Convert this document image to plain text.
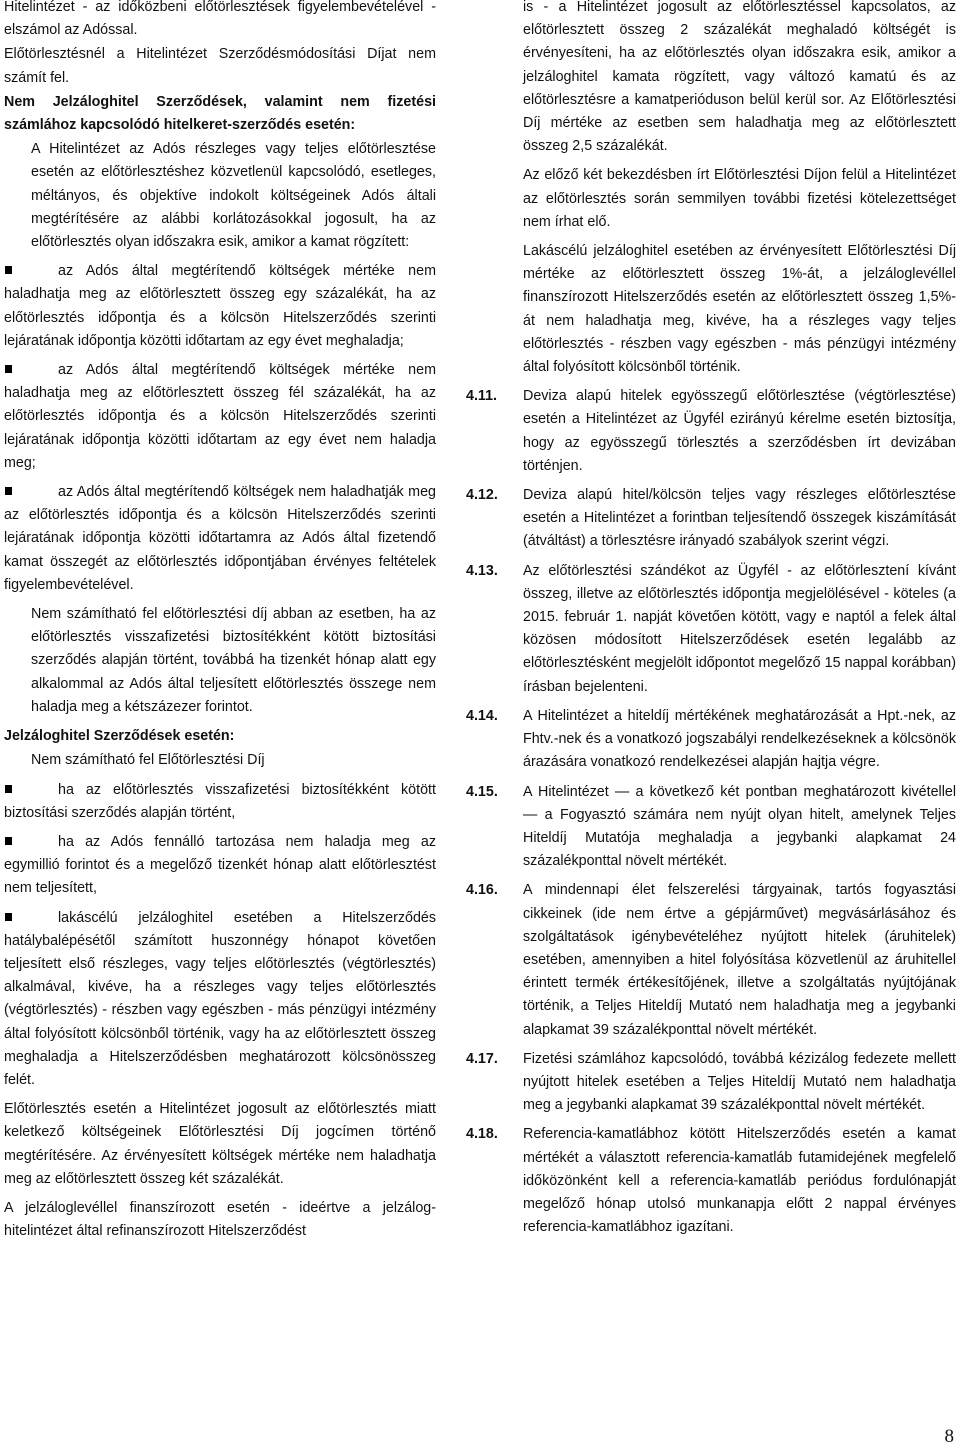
Hitelintézet - az időközbeni előtörlesztések figyelembevételével - elszámol az Adóssal.

Előtörlesztésnél a Hitelintézet Szerződésmódosítási Díjat nem számít fel.

Nem Jelzáloghitel Szerződések, valamint nem fizetési számlához kapcsolódó hitelkeret-szerződés esetén:

A Hitelintézet az Adós részleges vagy teljes előtörlesztése esetén az előtörlesztéshez közvetlenül kapcsolódó, esetleges, méltányos, és objektíve indokolt költségeinek Adós általi megtérítésére az alábbi korlátozásokkal jogosult, ha az előtörlesztés olyan időszakra esik, amikor a kamat rögzített:

az Adós által megtérítendő költségek mértéke nem haladhatja meg az előtörlesztett összeg egy százalékát, ha az előtörlesztés időpontja és a kölcsön Hitelszerződés szerinti lejáratának időpontja közötti időtartam az egy évet meghaladja;

az Adós által megtérítendő költségek mértéke nem haladhatja meg az előtörlesztett összeg fél százalékát, ha az előtörlesztés időpontja és a kölcsön Hitelszerződés szerinti lejáratának időpontja közötti időtartam az egy évet nem haladja meg;

az Adós által megtérítendő költségek nem haladhatják meg az előtörlesztés időpontja és a kölcsön Hitelszerződés szerinti lejáratának időpontja közötti időtartamra az Adós által fizetendő kamat összegét az előtörlesztés időpontjában érvényes feltételek figyelembevételével.

Nem számítható fel előtörlesztési díj abban az esetben, ha az előtörlesztés visszafizetési biztosítékként kötött biztosítási szerződés alapján történt, továbbá ha tizenkét hónap alatt egy alkalommal az Adós által teljesített előtörlesztés összege nem haladja meg a kétszázezer forintot.

Jelzáloghitel Szerződések esetén:

Nem számítható fel Előtörlesztési Díj

ha az előtörlesztés visszafizetési biztosítékként kötött biztosítási szerződés alapján történt,

ha az Adós fennálló tartozása nem haladja meg az egymillió forintot és a megelőző tizenkét hónap alatt előtörlesztést nem teljesített,

lakáscélú jelzáloghitel esetében a Hitelszerződés hatálybalépésétől számított huszonnégy hónapot követően teljesített első részleges, vagy teljes előtörlesztés (végtörlesztés) alkalmával, kivéve, ha a részleges vagy teljes előtörlesztés (végtörlesztés) - részben vagy egészben - más pénzügyi intézmény által folyósított kölcsönből történik, vagy ha az előtörlesztett összeg meghaladja a Hitelszerződésben meghatározott kölcsönösszeg felét.

Előtörlesztés esetén a Hitelintézet jogosult az előtörlesztés miatt keletkező költségeinek Előtörlesztési Díj jogcímen történő megtérítésére. Az érvényesített költségek mértéke nem haladhatja meg az előtörlesztett összeg két százalékát.

A jelzáloglevéllel finanszírozott esetén - ideértve a jelzálog-hitelintézet által refinanszírozott Hitelszerződést

is - a Hitelintézet jogosult az előtörlesztéssel kapcsolatos, az előtörlesztett összeg 2 százalékát meghaladó költségét is érvényesíteni, ha az előtörlesztés olyan időszakra esik, amikor a jelzáloghitel kamata rögzített, vagy változó kamatú és az előtörlesztésre a kamatperióduson belül kerül sor. Az Előtörlesztési Díj mértéke az esetben sem haladhatja meg az előtörlesztett összeg 2,5 százalékát.

Az előző két bekezdésben írt Előtörlesztési Díjon felül a Hitelintézet az előtörlesztés során semmilyen további fizetési kötelezettséget nem írhat elő.

Lakáscélú jelzáloghitel esetében az érvényesített Előtörlesztési Díj mértéke az előtörlesztett összeg 1%-át, a jelzáloglevéllel finanszírozott Hitelszerződés esetén az előtörlesztett összeg 1,5%-át nem haladhatja meg, kivéve, ha a részleges vagy teljes előtörlesztés - részben vagy egészben - más pénzügyi intézmény által folyósított kölcsönből történik.

4.11.	Deviza alapú hitelek egyösszegű előtörlesztése (végtörlesztése) esetén a Hitelintézet az Ügyfél ezirányú kérelme esetén biztosítja, hogy az egyösszegű törlesztés a szerződésben írt devizában történjen.
4.12.	Deviza alapú hitel/kölcsön teljes vagy részleges előtörlesztése esetén a Hitelintézet a forintban teljesítendő összegek kiszámítását (átváltást) a törlesztésre irányadó szabályok szerint végzi.
4.13.	Az előtörlesztési szándékot az Ügyfél - az előtörlesztení kívánt összeg, illetve az előtörlesztés időpontja megjelölésével - köteles (a 2015. február 1. napját követően kötött, vagy e naptól a felek által közösen módosított Hitelszerződések esetén legalább az előtörlesztésként megjelölt időpontot megelőző 15 nappal korábban) írásban bejelenteni.
4.14.	A Hitelintézet a hiteldíj mértékének meghatározását a Hpt.-nek, az Fhtv.-nek és a vonatkozó jogszabályi rendelkezéseknek a kölcsönök árazására vonatkozó rendelkezései alapján hajtja végre.
4.15.	A Hitelintézet ― a következő két pontban meghatározott kivétellel ― a Fogyasztó számára nem nyújt olyan hitelt, amelynek Teljes Hiteldíj Mutatója meghaladja a jegybanki alapkamat 24 százalékponttal növelt mértékét.
4.16.	A mindennapi élet felszerelési tárgyainak, tartós fogyasztási cikkeinek (ide nem értve a gépjárművet) megvásárlásához és szolgáltatások igénybevételéhez nyújtott hitelek (áruhitelek) esetében, amennyiben a hitel folyósítása közvetlenül az áruhitellel érintett termék értékesítőjének, illetve a szolgáltatás nyújtójának történik, a Teljes Hiteldíj Mutató nem haladhatja meg a jegybanki alapkamat 39 százalékponttal növelt mértékét.
4.17.	Fizetési számlához kapcsolódó, továbbá kézizálog fedezete mellett nyújtott hitelek esetében a Teljes Hiteldíj Mutató nem haladhatja meg a jegybanki alapkamat 39 százalékponttal növelt mértékét.
4.18.	Referencia-kamatlábhoz kötött Hitelszerződés esetén a kamat mértékét a választott referencia-kamatláb futamidejének megfelelő időközönként kell a referencia-kamatláb periódus fordulónapját megelőző hónap utolsó munkanapja előtt 2 nappal érvényes referencia-kamatlábhoz igazítani.
8
